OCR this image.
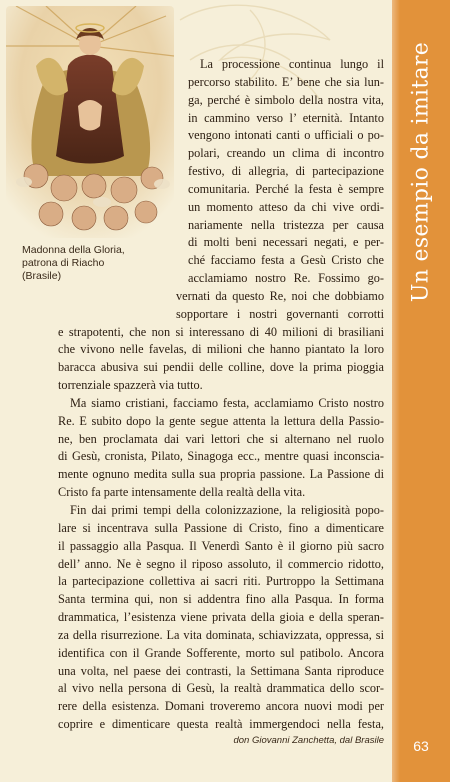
Madonna della Gloria,
patrona di Riacho
(Brasile)	Un esempio da imitare
63
La processione continua lungo il
percorso stabilito. E’ bene che sia lun-
ga, perché è simbolo della nostra vita,
in cammino verso l’ eternità. Intanto
vengono intonati canti o ufficiali o po-
polari, creando un clima di incontro
festivo, di allegria, di partecipazione
comunitaria. Perché la festa è sempre
un momento atteso da chi vive ordi-
nariamente nella tristezza per causa
di molti beni necessari negati, e per-
ché facciamo festa a Gesù Cristo che
acclamiamo nostro Re. Fossimo go-
vernati da questo Re, noi che dobbiamo
sopportare i nostri governanti corrotti
e strapotenti, che non si interessano di 40 milioni di brasiliani
che vivono nelle favelas, di milioni che hanno piantato la loro
baracca abusiva sui pendii delle colline, dove la prima pioggia
torrenziale spazzerà via tutto.
Ma siamo cristiani, facciamo festa, acclamiamo Cristo nostro
Re. E subito dopo la gente segue attenta la lettura della Passio-
ne, ben proclamata dai vari lettori che si alternano nel ruolo
di Gesù, cronista, Pilato, Sinagoga ecc., mentre quasi inconscia-
mente ognuno medita sulla sua propria passione. La Passione di
Cristo fa parte intensamente della realtà della vita.
Fin dai primi tempi della colonizzazione, la religiosità popo-
lare si incentrava sulla Passione di Cristo, fino a dimenticare
il passaggio alla Pasqua. Il Venerdì Santo è il giorno più sacro
dell’ anno. Ne è segno il riposo assoluto, il commercio ridotto,
la partecipazione collettiva ai sacri riti. Purtroppo la Settimana
Santa termina qui, non si addentra fino alla Pasqua. In forma
drammatica, l’esistenza viene privata della gioia e della speran-
za della risurrezione. La vita dominata, schiavizzata, oppressa, si
identifica con il Grande Sofferente, morto sul patibolo. Ancora
una volta, nel paese dei contrasti, la Settimana Santa riproduce
al vivo nella persona di Gesù, la realtà drammatica dello scor-
rere della esistenza. Domani troveremo ancora nuovi modi per
coprire e dimenticare questa realtà immergendoci nella festa,
don Giovanni Zanchetta, dal Brasile
